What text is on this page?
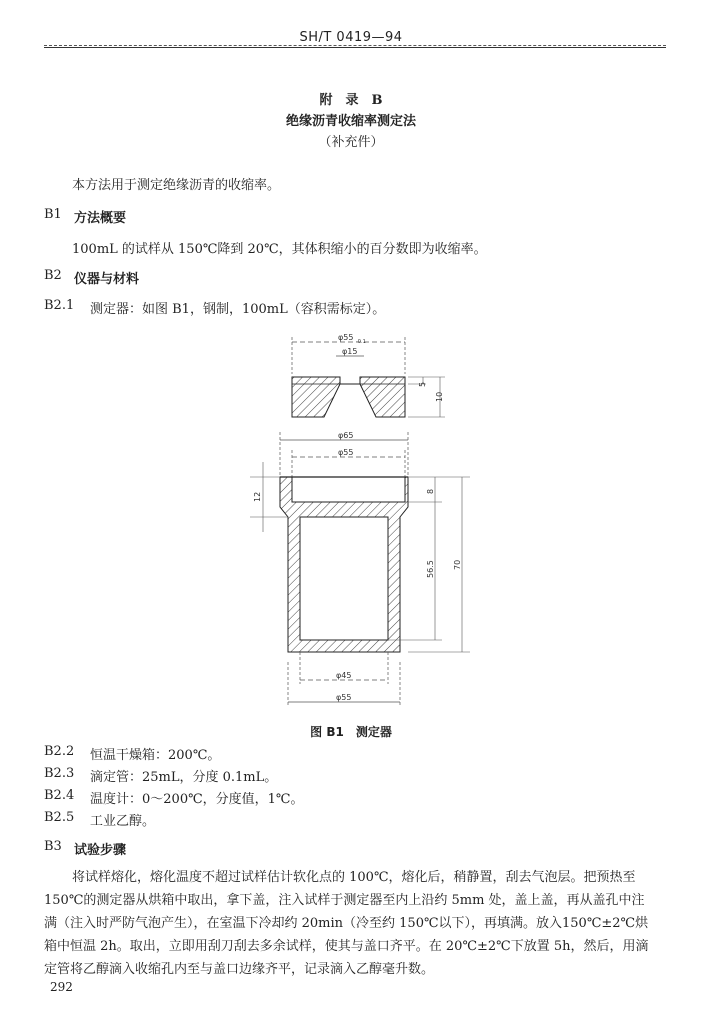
SH/T 0419—94
附　录　B
绝缘沥青收缩率测定法
（补充件）
本方法用于测定绝缘沥青的收缩率。
B1 方法概要
100mL 的试样从 150℃降到 20℃，其体积缩小的百分数即为收缩率。
B2 仪器与材料
B2.1 测定器：如图 B1，钢制，100mL（容积需标定）。
φ55 -0.1
φ15
5
10
φ65
φ55
12
8
56.5 70
φ45
φ55
图 B1　测定器
B2.2 恒温干燥箱：200℃。
B2.3 滴定管：25mL，分度 0.1mL。
B2.4 温度计：0～200℃，分度值，1℃。
B2.5 工业乙醇。
B3 试验步骤
将试样熔化，熔化温度不超过试样估计软化点的 100℃，熔化后，稍静置，刮去气泡层。把预热至 150℃的测定器从烘箱中取出，拿下盖，注入试样于测定器至内上沿约 5mm 处，盖上盖，再从盖孔中注满（注入时严防气泡产生），在室温下冷却约 20min（冷至约 150℃以下），再填满。放入150℃±2℃烘箱中恒温 2h。取出，立即用刮刀刮去多余试样，使其与盖口齐平。在 20℃±2℃下放置 5h，然后，用滴定管将乙醇滴入收缩孔内至与盖口边缘齐平，记录滴入乙醇毫升数。
292
